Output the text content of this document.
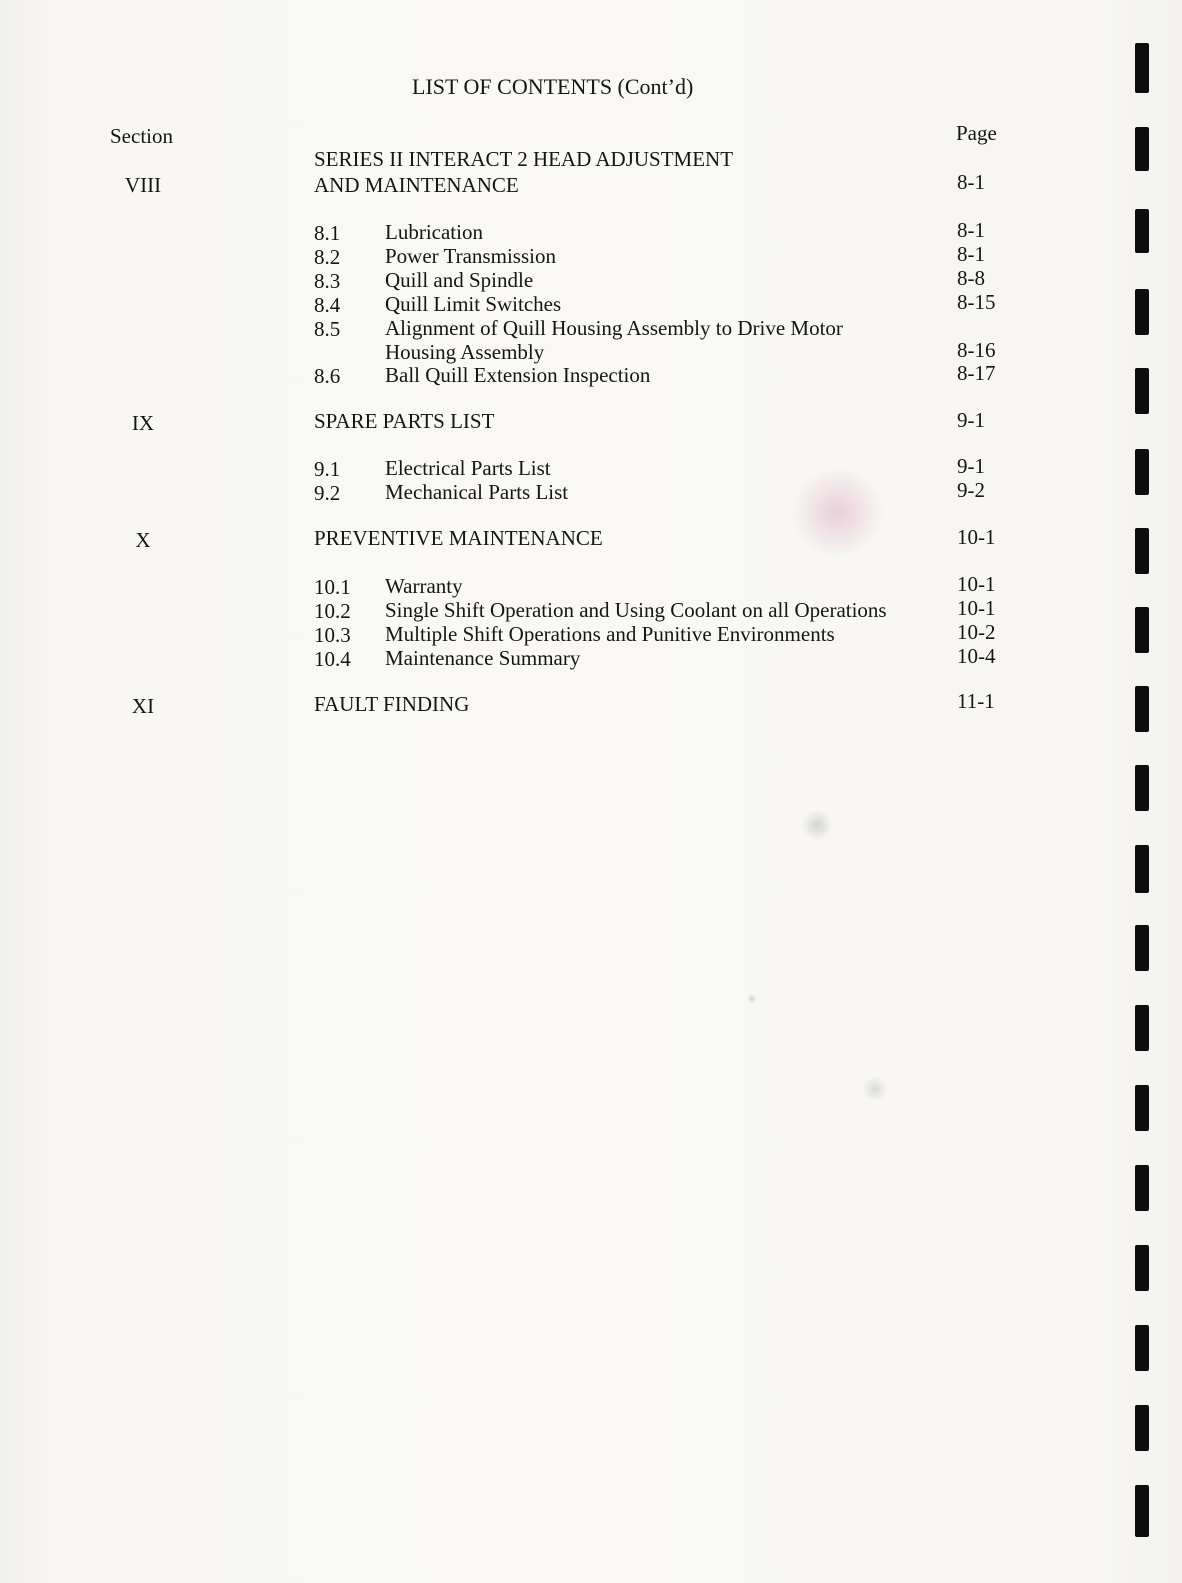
LIST OF CONTENTS (Cont’d)
Section	Page
VIII
SERIES II INTERACT 2 HEAD ADJUSTMENT
AND MAINTENANCE	8-1
8.1 Lubrication	8-1
8.2 Power Transmission	8-1
8.3 Quill and Spindle	8-8
8.4 Quill Limit Switches	8-15
8.5 Alignment of Quill Housing Assembly to Drive Motor
Housing Assembly	8-16
8.6 Ball Quill Extension Inspection	8-17
IX	SPARE PARTS LIST	9-1
9.1 Electrical Parts List	9-1
9.2 Mechanical Parts List	9-2
X	PREVENTIVE MAINTENANCE	10-1
10.1 Warranty	10-1
10.2 Single Shift Operation and Using Coolant on all Operations	10-1
10.3 Multiple Shift Operations and Punitive Environments	10-2
10.4 Maintenance Summary	10-4
XI	FAULT FINDING	11-1
